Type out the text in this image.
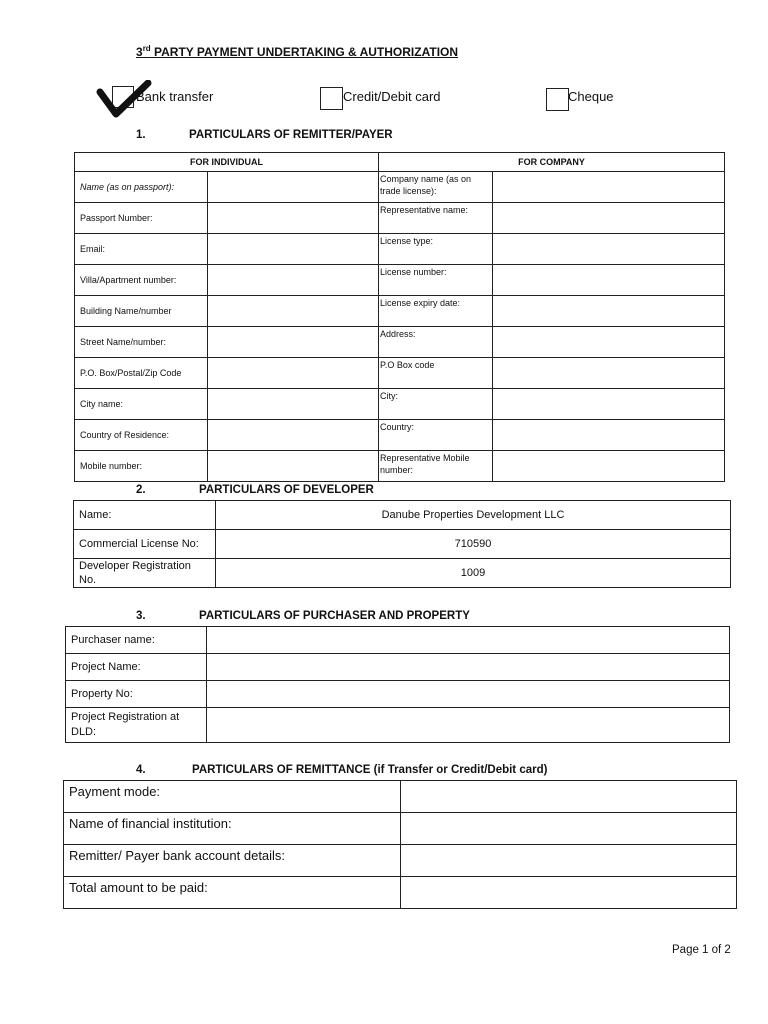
3rd PARTY PAYMENT UNDERTAKING & AUTHORIZATION
Bank transfer	Credit/Debit card	Cheque
1.	PARTICULARS OF REMITTER/PAYER
FOR INDIVIDUAL		FOR COMPANY	
Name (as on passport):		Company name (as on trade license):	
Passport Number:		Representative name:	
Email:		License type:	
Villa/Apartment number:		License number:	
Building Name/number		License expiry date:	
Street Name/number:		Address:	
P.O. Box/Postal/Zip Code		P.O Box code	
City name:		City:	
Country of Residence:		Country:	
Mobile number:		Representative Mobile number:	
2.	PARTICULARS OF DEVELOPER
Name:	Danube Properties Development LLC
Commercial License No:	710590
Developer Registration No.	1009
3.	PARTICULARS OF PURCHASER AND PROPERTY
Purchaser name:	
Project Name:	
Property No:	
Project Registration at DLD:	
4.	PARTICULARS OF REMITTANCE (if Transfer or Credit/Debit card)
Payment mode:	
Name of financial institution:	
Remitter/ Payer bank account details:	
Total amount to be paid:	
Page 1 of 2
